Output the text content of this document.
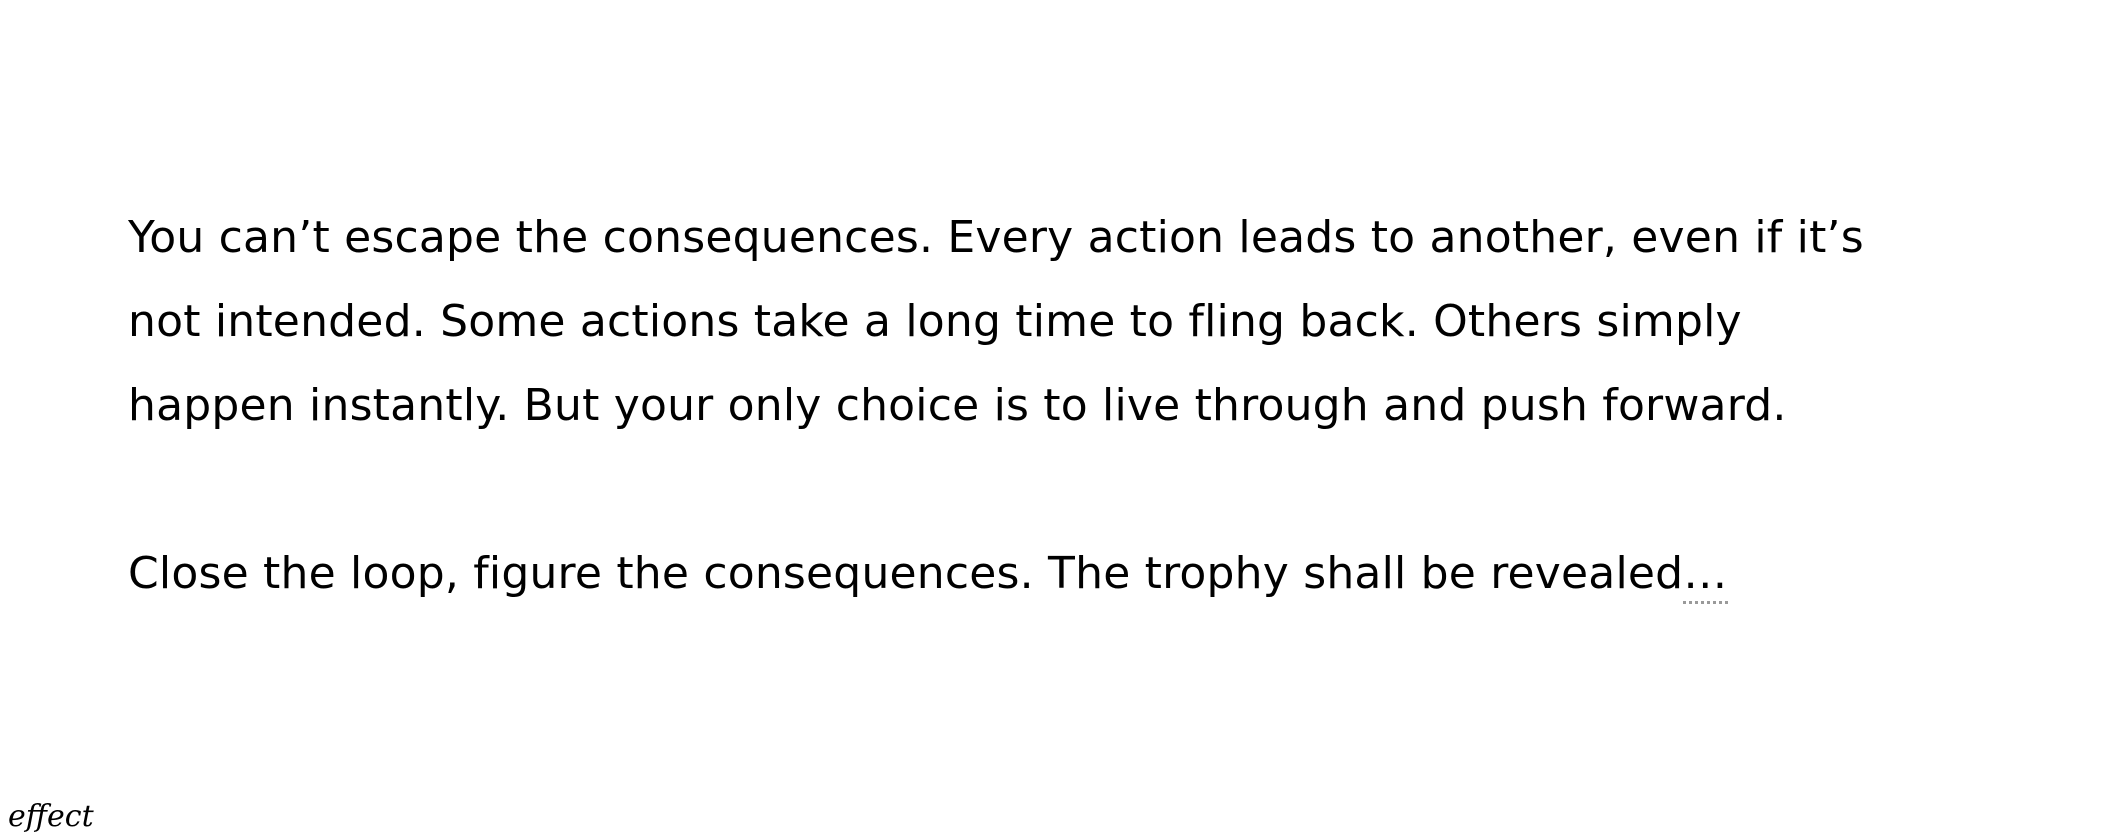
You can’t escape the consequences. Every action leads to another, even if it’s
not intended. Some actions take a long time to fling back. Others simply
happen instantly. But your only choice is to live through and push forward.

Close the loop, figure the consequences. The trophy shall be revealed…

effect
